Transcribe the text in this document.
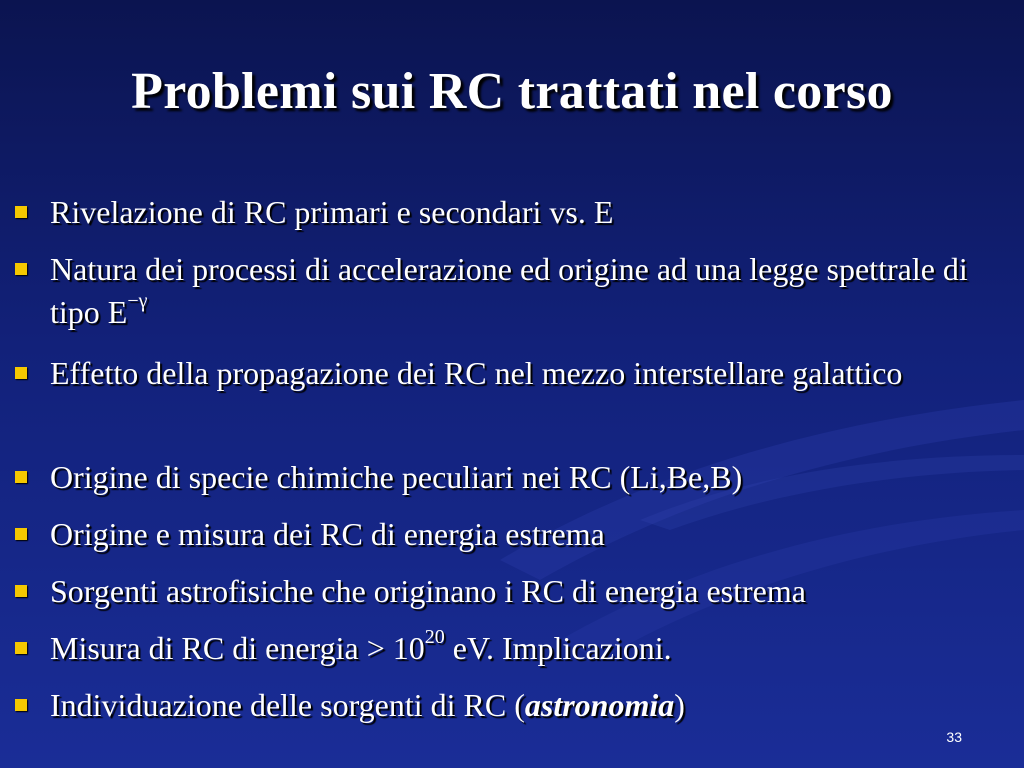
Problemi sui RC trattati nel corso
Rivelazione di RC primari e secondari vs. E
Natura dei processi di accelerazione ed origine ad una legge spettrale di tipo $E^{-\gamma}$
Effetto della propagazione dei RC nel mezzo interstellare galattico
Origine di specie chimiche peculiari nei RC (Li,Be,B)
Origine e misura dei RC di energia estrema
Sorgenti astrofisiche che originano i RC di energia estrema
Misura di RC di energia > $10^{20}$ eV. Implicazioni.
Individuazione delle sorgenti di RC (astronomia)
33
